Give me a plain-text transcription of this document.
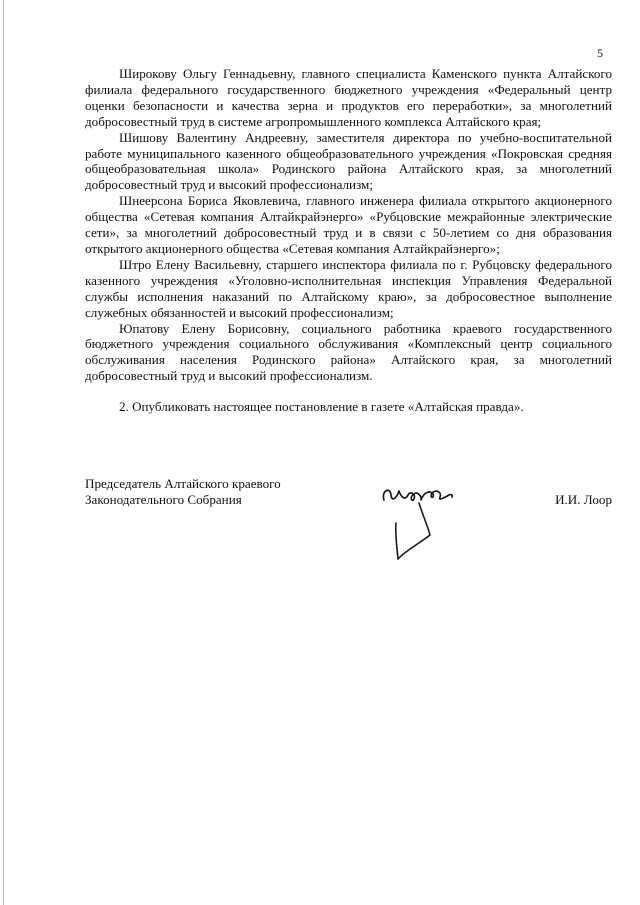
5

Широкову Ольгу Геннадьевну, главного специалиста Каменского пункта Алтайского филиала федерального государственного бюджетного учреждения «Федеральный центр оценки безопасности и качества зерна и продуктов его переработки», за многолетний добросовестный труд в системе агропромышленного комплекса Алтайского края;

Шишову Валентину Андреевну, заместителя директора по учебно-воспитательной работе муниципального казенного общеобразовательного учреждения «Покровская средняя общеобразовательная школа» Родинского района Алтайского края, за многолетний добросовестный труд и высокий профессионализм;

Шнеерсона Бориса Яковлевича, главного инженера филиала открытого акционерного общества «Сетевая компания Алтайкрайэнерго» «Рубцовские межрайонные электрические сети», за многолетний добросовестный труд и в связи с 50-летием со дня образования открытого акционерного общества «Сетевая компания Алтайкрайэнерго»;

Штро Елену Васильевну, старшего инспектора филиала по г. Рубцовску федерального казенного учреждения «Уголовно-исполнительная инспекция Управления Федеральной службы исполнения наказаний по Алтайскому краю», за добросовестное выполнение служебных обязанностей и высокий профессионализм;

Юпатову Елену Борисовну, социального работника краевого государственного бюджетного учреждения социального обслуживания «Комплексный центр социального обслуживания населения Родинского района» Алтайского края, за многолетний добросовестный труд и высокий профессионализм.

2. Опубликовать настоящее постановление в газете «Алтайская правда».

Председатель Алтайского краевого
Законодательного Собрания	И.И. Лоор
